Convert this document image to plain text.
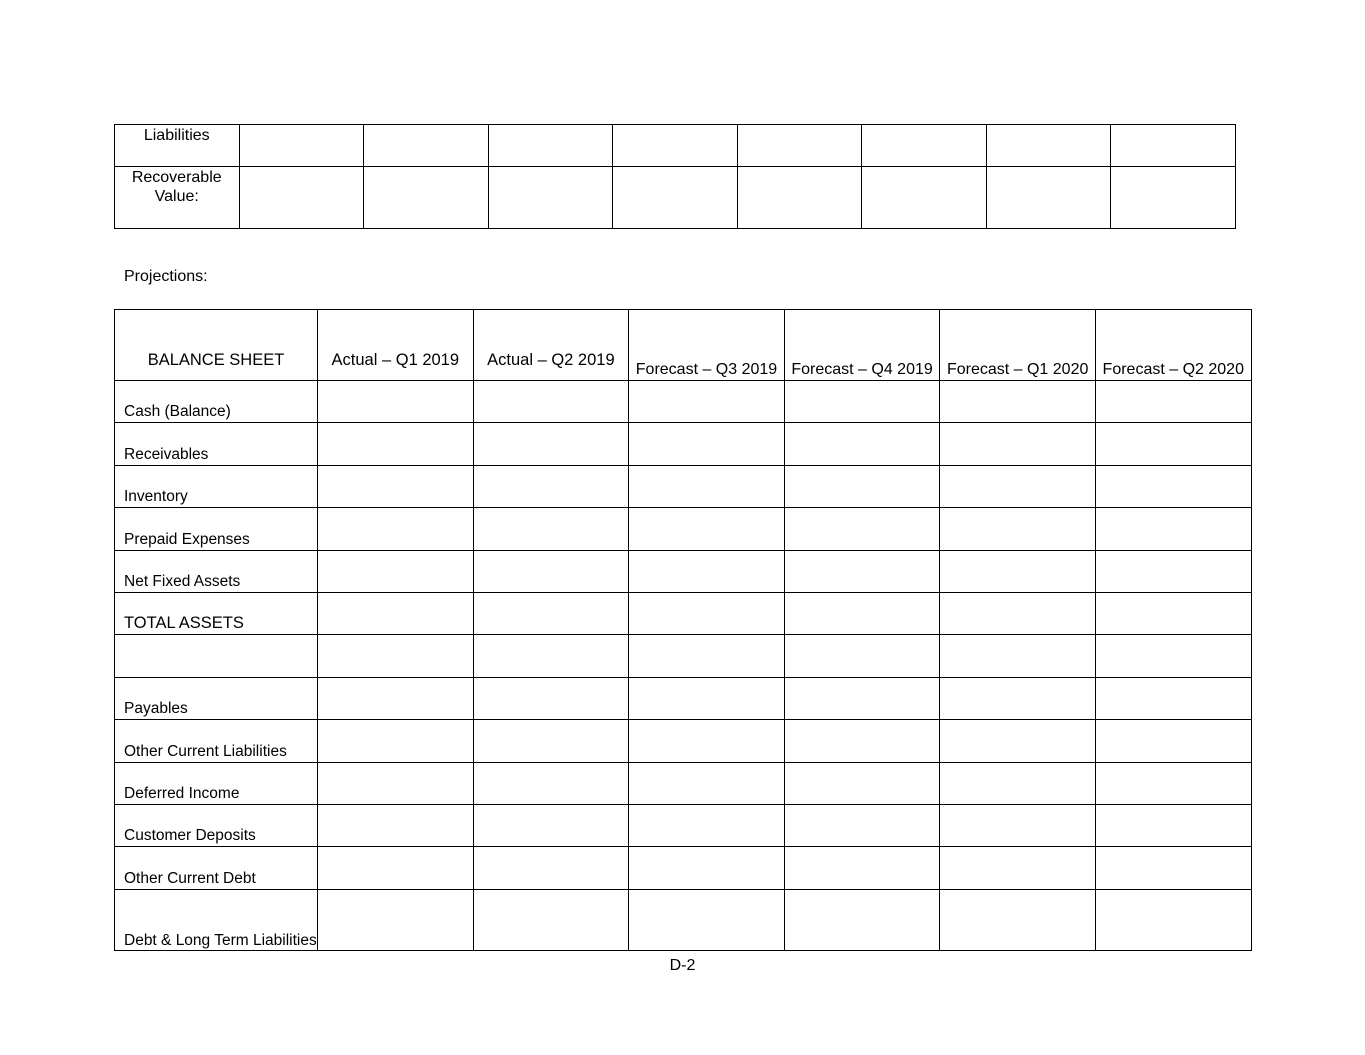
Liabilities								
Recoverable Value:								
Projections:
BALANCE SHEET	Actual – Q1 2019	Actual – Q2 2019	Forecast – Q3 2019	Forecast – Q4 2019	Forecast – Q1 2020	Forecast – Q2 2020
Cash (Balance)						
Receivables						
Inventory						
Prepaid Expenses						
Net Fixed Assets						
TOTAL ASSETS						

Payables						
Other Current Liabilities						
Deferred Income						
Customer Deposits						
Other Current Debt						
Debt & Long Term Liabilities						
D-2
